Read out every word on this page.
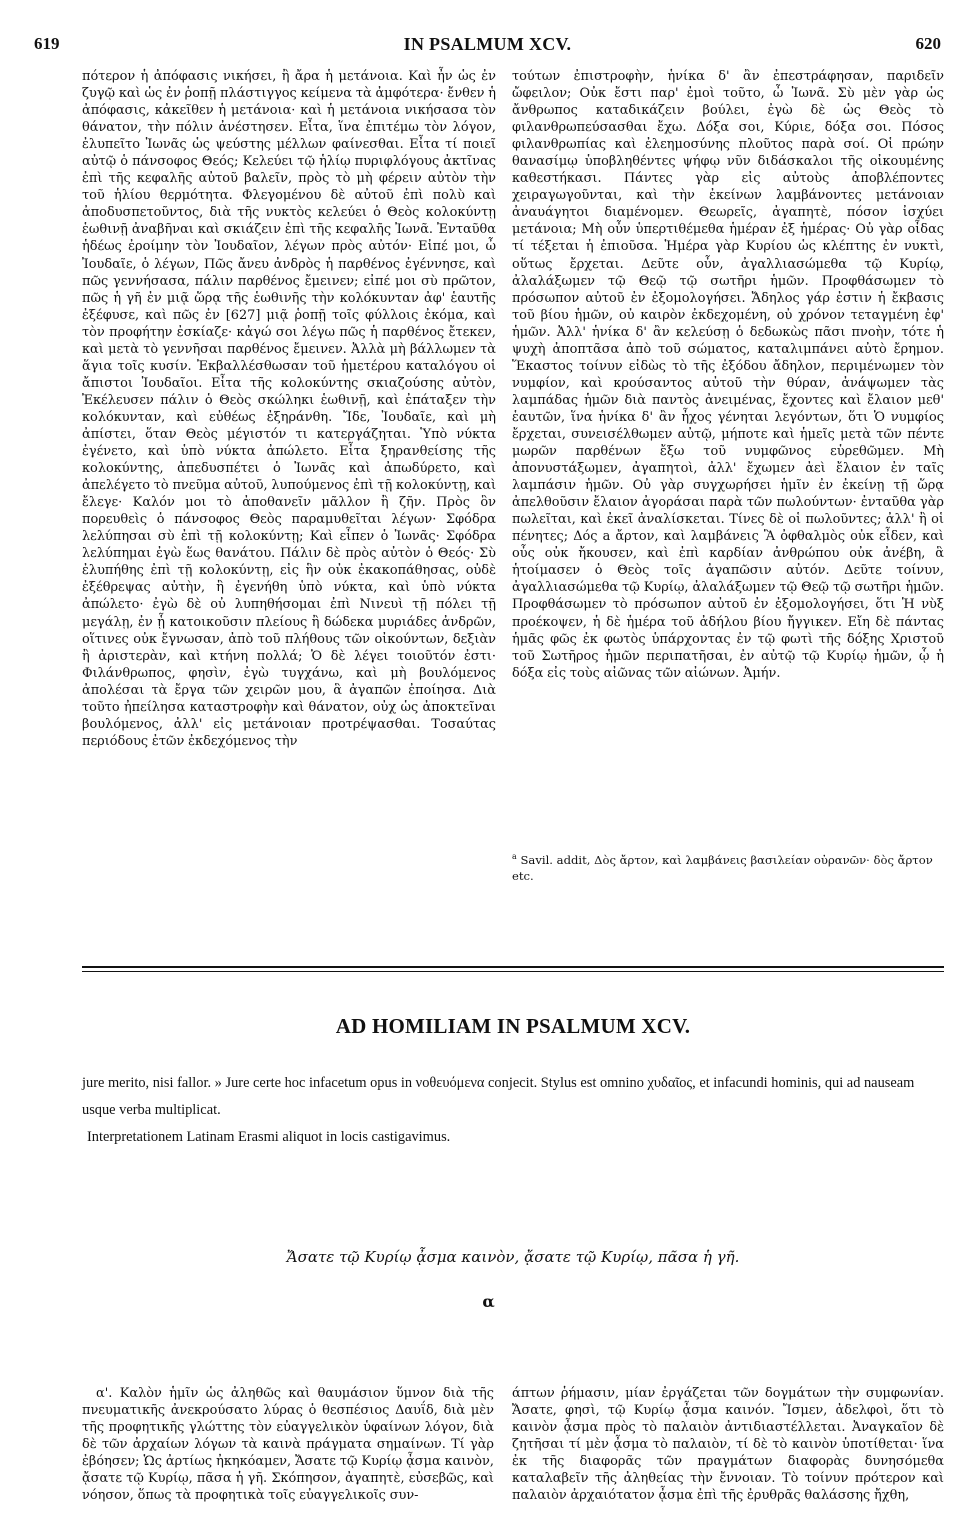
619	IN PSALMUM XCV.	620

πότερον ἡ ἀπόφασις νικήσει, ἢ ἄρα ἡ μετάνοια. Καὶ ἦν ὡς ἐν ζυγῷ καὶ ὡς ἐν ῥοπῇ πλάστιγγος κείμενα τὰ ἀμφότερα· ἔνθεν ἡ ἀπόφασις, κἀκεῖθεν ἡ μετάνοια· καὶ ἡ μετάνοια νικήσασα τὸν θάνατον, τὴν πόλιν ἀνέστησεν. Εἶτα, ἵνα ἐπιτέμω τὸν λόγον, ἐλυπεῖτο Ἰωνᾶς ὡς ψεύστης μέλλων φαίνεσθαι. Εἶτα τί ποιεῖ αὐτῷ ὁ πάνσοφος Θεός; Κελεύει τῷ ἡλίῳ πυριφλόγους ἀκτῖνας ἐπὶ τῆς κεφαλῆς αὐτοῦ βαλεῖν, πρὸς τὸ μὴ φέρειν αὐτὸν τὴν τοῦ ἡλίου θερμότητα. Φλεγομένου δὲ αὐτοῦ ἐπὶ πολὺ καὶ ἀποδυσπετοῦντος, διὰ τῆς νυκτὸς κελεύει ὁ Θεὸς κολοκύντῃ ἑωθινῇ ἀναβῆναι καὶ σκιάζειν ἐπὶ τῆς κεφαλῆς Ἰωνᾶ. Ἐνταῦθα ἡδέως ἐροίμην τὸν Ἰουδαῖον, λέγων πρὸς αὐτόν· Εἰπέ μοι, ὦ Ἰουδαῖε, ὁ λέγων, Πῶς ἄνευ ἀνδρὸς ἡ παρθένος ἐγέννησε, καὶ πῶς γεννήσασα, πάλιν παρθένος ἔμεινεν; εἰπέ μοι σὺ πρῶτον, πῶς ἡ γῆ ἐν μιᾷ ὥρᾳ τῆς ἑωθινῆς τὴν κολόκυνταν ἀφ' ἑαυτῆς ἐξέφυσε, καὶ πῶς ἐν [627] μιᾷ ῥοπῇ τοῖς φύλλοις ἐκόμα, καὶ τὸν προφήτην ἐσκίαζε· κἀγώ σοι λέγω πῶς ἡ παρθένος ἔτεκεν, καὶ μετὰ τὸ γεννῆσαι παρθένος ἔμεινεν. Ἀλλὰ μὴ βάλλωμεν τὰ ἅγια τοῖς κυσίν. Ἐκβαλλέσθωσαν τοῦ ἡμετέρου καταλόγου οἱ ἄπιστοι Ἰουδαῖοι. Εἶτα τῆς κολοκύντης σκιαζούσης αὐτὸν, Ἐκέλευσεν πάλιν ὁ Θεὸς σκώληκι ἑωθινῇ, καὶ ἐπάταξεν τὴν κολόκυνταν, καὶ εὐθέως ἐξηράνθη. Ἴδε, Ἰουδαῖε, καὶ μὴ ἀπίστει, ὅταν Θεὸς μέγιστόν τι κατεργάζηται. Ὑπὸ νύκτα ἐγένετο, καὶ ὑπὸ νύκτα ἀπώλετο. Εἶτα ξηρανθείσης τῆς κολοκύντης, ἀπεδυσπέτει ὁ Ἰωνᾶς καὶ ἀπωδύρετο, καὶ ἀπελέγετο τὸ πνεῦμα αὐτοῦ, λυπούμενος ἐπὶ τῇ κολοκύντῃ, καὶ ἔλεγε· Καλόν μοι τὸ ἀποθανεῖν μᾶλλον ἢ ζῆν. Πρὸς ὃν πορευθεὶς ὁ πάνσοφος Θεὸς παραμυθεῖται λέγων· Σφόδρα λελύπησαι σὺ ἐπὶ τῇ κολοκύντῃ; Καὶ εἶπεν ὁ Ἰωνᾶς· Σφόδρα λελύπημαι ἐγὼ ἕως θανάτου. Πάλιν δὲ πρὸς αὐτὸν ὁ Θεός· Σὺ ἐλυπήθης ἐπὶ τῇ κολοκύντῃ, εἰς ἣν οὐκ ἐκακοπάθησας, οὐδὲ ἐξέθρεψας αὐτὴν, ἣ ἐγενήθη ὑπὸ νύκτα, καὶ ὑπὸ νύκτα ἀπώλετο· ἐγὼ δὲ οὐ λυπηθήσομαι ἐπὶ Νινευὶ τῇ πόλει τῇ μεγάλῃ, ἐν ᾗ κατοικοῦσιν πλείους ἢ δώδεκα μυριάδες ἀνδρῶν, οἵτινες οὐκ ἔγνωσαν, ἀπὸ τοῦ πλήθους τῶν οἰκούντων, δεξιὰν ἢ ἀριστερὰν, καὶ κτήνη πολλά; Ὁ δὲ λέγει τοιοῦτόν ἐστι· Φιλάνθρωπος, φησὶν, ἐγὼ τυγχάνω, καὶ μὴ βουλόμενος ἀπολέσαι τὰ ἔργα τῶν χειρῶν μου, ἃ ἀγαπῶν ἐποίησα. Διὰ τοῦτο ἠπείλησα καταστροφὴν καὶ θάνατον, οὐχ ὡς ἀποκτεῖναι βουλόμενος, ἀλλ' εἰς μετάνοιαν προτρέψασθαι. Τοσαύτας περιόδους ἐτῶν ἐκδεχόμενος τὴν

τούτων ἐπιστροφὴν, ἡνίκα δ' ἂν ἐπεστράφησαν, παριδεῖν ὤφειλον; Οὐκ ἔστι παρ' ἐμοὶ τοῦτο, ὦ Ἰωνᾶ. Σὺ μὲν γὰρ ὡς ἄνθρωπος καταδικάζειν βούλει, ἐγὼ δὲ ὡς Θεὸς τὸ φιλανθρωπεύσασθαι ἔχω. Δόξα σοι, Κύριε, δόξα σοι. Πόσος φιλανθρωπίας καὶ ἐλεημοσύνης πλοῦτος παρὰ σοί. Οἱ πρώην θανασίμῳ ὑποβληθέντες ψήφῳ νῦν διδάσκαλοι τῆς οἰκουμένης καθεστήκασι. Πάντες γὰρ εἰς αὐτοὺς ἀποβλέποντες χειραγωγοῦνται, καὶ τὴν ἐκείνων λαμβάνοντες μετάνοιαν ἀναυάγητοι διαμένομεν. Θεωρεῖς, ἀγαπητὲ, πόσον ἰσχύει μετάνοια; Μὴ οὖν ὑπερτιθέμεθα ἡμέραν ἐξ ἡμέρας· Οὐ γὰρ οἶδας τί τέξεται ἡ ἐπιοῦσα. Ἡμέρα γὰρ Κυρίου ὡς κλέπτης ἐν νυκτὶ, οὕτως ἔρχεται. Δεῦτε οὖν, ἀγαλλιασώμεθα τῷ Κυρίῳ, ἀλαλάξωμεν τῷ Θεῷ τῷ σωτῆρι ἡμῶν. Προφθάσωμεν τὸ πρόσωπον αὐτοῦ ἐν ἐξομολογήσει. Ἄδηλος γάρ ἐστιν ἡ ἔκβασις τοῦ βίου ἡμῶν, οὐ καιρὸν ἐκδεχομένη, οὐ χρόνον τεταγμένη ἐφ' ἡμῶν. Ἀλλ' ἡνίκα δ' ἂν κελεύσῃ ὁ δεδωκὼς πᾶσι πνοὴν, τότε ἡ ψυχὴ ἀποπτᾶσα ἀπὸ τοῦ σώματος, καταλιμπάνει αὐτὸ ἔρημον. Ἕκαστος τοίνυν εἰδὼς τὸ τῆς ἐξόδου ἄδηλον, περιμένωμεν τὸν νυμφίον, καὶ κρούσαντος αὐτοῦ τὴν θύραν, ἀνάψωμεν τὰς λαμπάδας ἡμῶν διὰ παντὸς ἀνειμένας, ἔχοντες καὶ ἔλαιον μεθ' ἑαυτῶν, ἵνα ἡνίκα δ' ἂν ἦχος γένηται λεγόντων, ὅτι Ὁ νυμφίος ἔρχεται, συνεισέλθωμεν αὐτῷ, μήποτε καὶ ἡμεῖς μετὰ τῶν πέντε μωρῶν παρθένων ἔξω τοῦ νυμφῶνος εὑρεθῶμεν. Μὴ ἀπονυστάξωμεν, ἀγαπητοὶ, ἀλλ' ἔχωμεν ἀεὶ ἔλαιον ἐν ταῖς λαμπάσιν ἡμῶν. Οὐ γὰρ συγχωρήσει ἡμῖν ἐν ἐκείνῃ τῇ ὥρᾳ ἀπελθοῦσιν ἔλαιον ἀγοράσαι παρὰ τῶν πωλούντων· ἐνταῦθα γὰρ πωλεῖται, καὶ ἐκεῖ ἀναλίσκεται. Τίνες δὲ οἱ πωλοῦντες; ἀλλ' ἢ οἱ πένητες; Δός a ἄρτον, καὶ λαμβάνεις Ἃ ὀφθαλμὸς οὐκ εἶδεν, καὶ οὖς οὐκ ἤκουσεν, καὶ ἐπὶ καρδίαν ἀνθρώπου οὐκ ἀνέβη, ἃ ἡτοίμασεν ὁ Θεὸς τοῖς ἀγαπῶσιν αὐτόν. Δεῦτε τοίνυν, ἀγαλλιασώμεθα τῷ Κυρίῳ, ἀλαλάξωμεν τῷ Θεῷ τῷ σωτῆρι ἡμῶν. Προφθάσωμεν τὸ πρόσωπον αὐτοῦ ἐν ἐξομολογήσει, ὅτι Ἡ νὺξ προέκοψεν, ἡ δὲ ἡμέρα τοῦ ἀδήλου βίου ἤγγικεν. Εἴη δὲ πάντας ἡμᾶς φῶς ἐκ φωτὸς ὑπάρχοντας ἐν τῷ φωτὶ τῆς δόξης Χριστοῦ τοῦ Σωτῆρος ἡμῶν περιπατῆσαι, ἐν αὐτῷ τῷ Κυρίῳ ἡμῶν, ᾧ ἡ δόξα εἰς τοὺς αἰῶνας τῶν αἰώνων. Ἀμήν.

$^a$ Savil. addit, Δὸς ἄρτον, καὶ λαμβάνεις βασιλείαν οὐρανῶν· δὸς ἄρτον etc.
AD HOMILIAM IN PSALMUM XCV.

jure merito, nisi fallor. » Jure certe hoc infacetum opus in νοθευόμενα conjecit. Stylus est omnino χυδαῖος, et infacundi hominis, qui ad nauseam usque verba multiplicat.

Interpretationem Latinam Erasmi aliquot in locis castigavimus.

Ἄσατε τῷ Κυρίῳ ᾆσμα καινὸν, ᾄσατε τῷ Κυρίῳ, πᾶσα ἡ γῆ.
α

α'. Καλὸν ἡμῖν ὡς ἀληθῶς καὶ θαυμάσιον ὕμνον διὰ τῆς πνευματικῆς ἀνεκρούσατο λύρας ὁ θεσπέσιος Δαυΐδ, διὰ μὲν τῆς προφητικῆς γλώττης τὸν εὐαγγελικὸν ὑφαίνων λόγον, διὰ δὲ τῶν ἀρχαίων λόγων τὰ καινὰ πράγματα σημαίνων. Τί γὰρ ἐβόησεν; Ὡς ἀρτίως ἠκηκόαμεν, Ἄσατε τῷ Κυρίῳ ᾆσμα καινὸν, ᾄσατε τῷ Κυρίῳ, πᾶσα ἡ γῆ. Σκόπησον, ἀγαπητὲ, εὐσεβῶς, καὶ νόησον, ὅπως τὰ προφητικὰ τοῖς εὐαγγελικοῖς συν-

άπτων ῥήμασιν, μίαν ἐργάζεται τῶν δογμάτων τὴν συμφωνίαν. Ἄσατε, φησὶ, τῷ Κυρίῳ ᾆσμα καινόν. Ἴσμεν, ἀδελφοὶ, ὅτι τὸ καινὸν ᾆσμα πρὸς τὸ παλαιὸν ἀντιδιαστέλλεται. Ἀναγκαῖον δὲ ζητῆσαι τί μὲν ᾆσμα τὸ παλαιὸν, τί δὲ τὸ καινὸν ὑποτίθεται· ἵνα ἐκ τῆς διαφορᾶς τῶν πραγμάτων διαφορὰς δυνησόμεθα καταλαβεῖν τῆς ἀληθείας τὴν ἔννοιαν. Τὸ τοίνυν πρότερον καὶ παλαιὸν ἀρχαιότατον ᾆσμα ἐπὶ τῆς ἐρυθρᾶς θαλάσσης ἤχθη,
